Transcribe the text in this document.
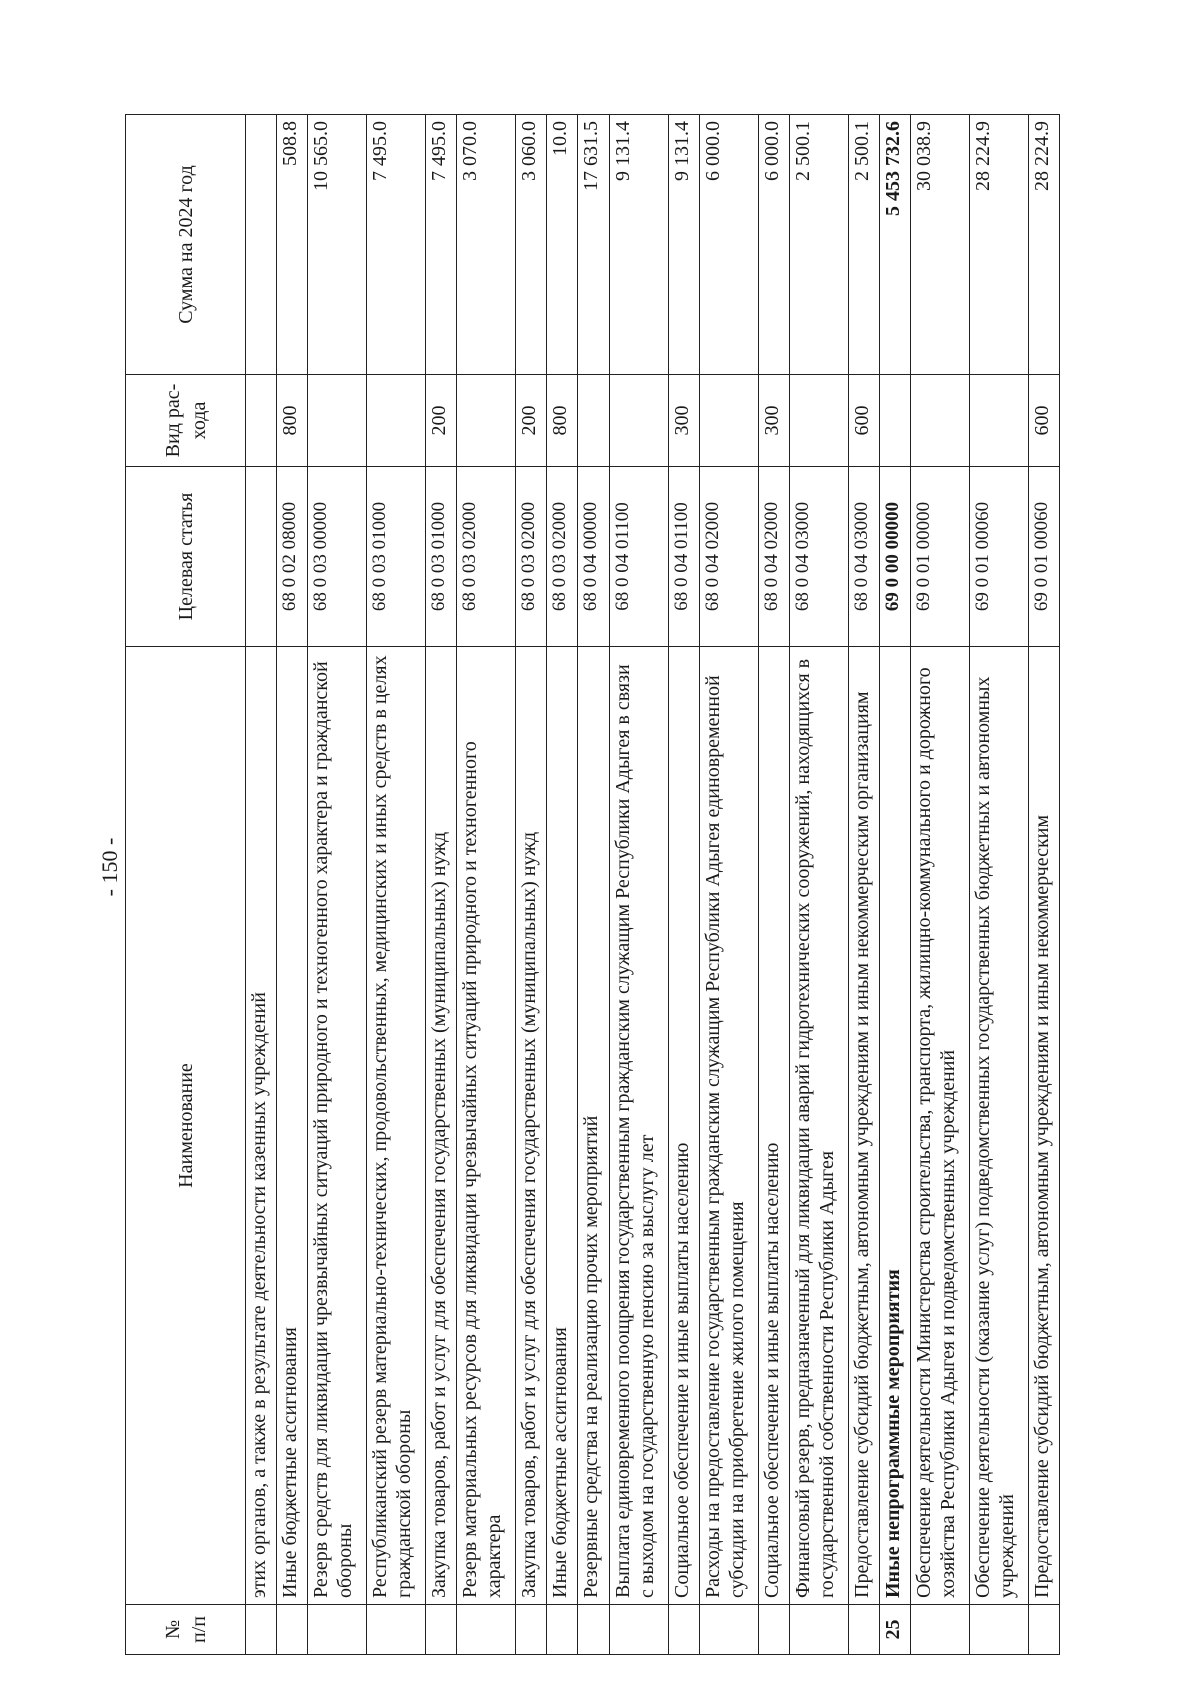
- 150 -
№ п/п	Наименование	Целевая статья	Вид рас- хода	Сумма на 2024 год
	этих органов, а также в результате деятельности казенных учреждений			
	Иные бюджетные ассигнования	68 0 02 08000	800	508.8
	Резерв средств для ликвидации чрезвычайных ситуаций природного и техногенного характера и гражданской обороны	68 0 03 00000		10 565.0
	Республиканский резерв материально-технических, продовольственных, медицинских и иных средств в целях гражданской обороны	68 0 03 01000		7 495.0
	Закупка товаров, работ и услуг для обеспечения государственных (муниципальных) нужд	68 0 03 01000	200	7 495.0
	Резерв материальных ресурсов для ликвидации чрезвычайных ситуаций природного и техногенного характера	68 0 03 02000		3 070.0
	Закупка товаров, работ и услуг для обеспечения государственных (муниципальных) нужд	68 0 03 02000	200	3 060.0
	Иные бюджетные ассигнования	68 0 03 02000	800	10.0
	Резервные средства на реализацию прочих мероприятий	68 0 04 00000		17 631.5
	Выплата единовременного поощрения государственным гражданским служащим Республики Адыгея в связи с выходом на государственную пенсию за выслугу лет	68 0 04 01100		9 131.4
	Социальное обеспечение и иные выплаты населению	68 0 04 01100	300	9 131.4
	Расходы на предоставление государственным гражданским служащим Республики Адыгея единовременной субсидии на приобретение жилого помещения	68 0 04 02000		6 000.0
	Социальное обеспечение и иные выплаты населению	68 0 04 02000	300	6 000.0
	Финансовый резерв, предназначенный для ликвидации аварий гидротехнических сооружений, находящихся в государственной собственности Республики Адыгея	68 0 04 03000		2 500.1
	Предоставление субсидий бюджетным, автономным учреждениям и иным некоммерческим организациям	68 0 04 03000	600	2 500.1
25	Иные непрограммные мероприятия	69 0 00 00000		5 453 732.6
	Обеспечение деятельности Министерства строительства, транспорта, жилищно-коммунального и дорожного хозяйства Республики Адыгея и подведомственных учреждений	69 0 01 00000		30 038.9
	Обеспечение деятельности (оказание услуг) подведомственных государственных бюджетных и автономных учреждений	69 0 01 00060		28 224.9
	Предоставление субсидий бюджетным, автономным учреждениям и иным некоммерческим	69 0 01 00060	600	28 224.9
